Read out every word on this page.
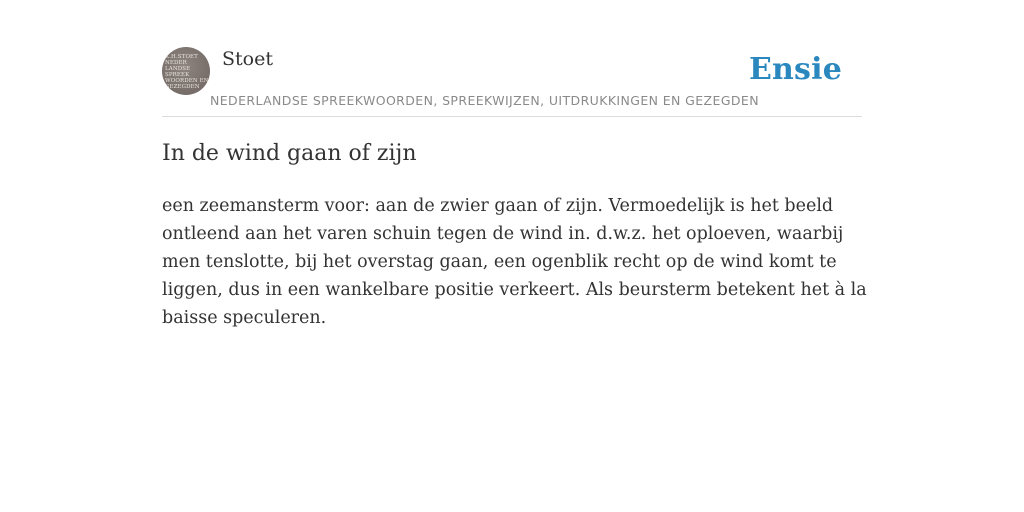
K.H.STOET
NEDER
LANDSE
SPREEK
WOORDEN EN
GEZEGDEN
Stoet
NEDERLANDSE SPREEKWOORDEN, SPREEKWIJZEN, UITDRUKKINGEN EN GEZEGDEN
Ensie
In de wind gaan of zijn

een zeemansterm voor: aan de zwier gaan of zijn. Vermoedelijk is het beeld ontleend aan het varen schuin tegen de wind in. d.w.z. het oploeven, waarbij men tenslotte, bij het overstag gaan, een ogenblik recht op de wind komt te liggen, dus in een wankelbare positie verkeert. Als beursterm betekent het à la baisse speculeren.
